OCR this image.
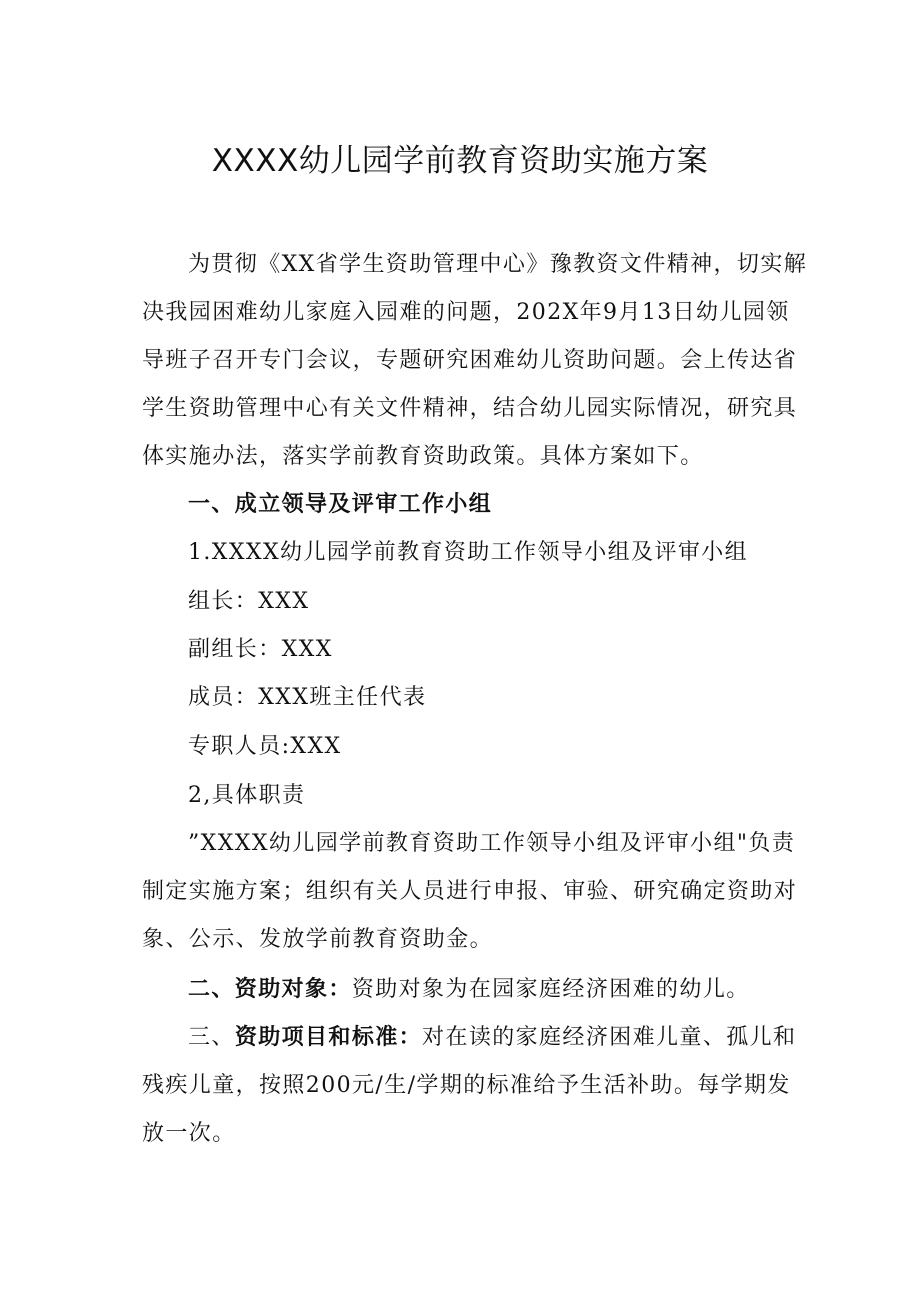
XXXX幼儿园学前教育资助实施方案
为贯彻《XX省学生资助管理中心》豫教资文件精神，切实解
决我园困难幼儿家庭入园难的问题，202X年9月13日幼儿园领
导班子召开专门会议，专题研究困难幼儿资助问题。会上传达省
学生资助管理中心有关文件精神，结合幼儿园实际情况，研究具
体实施办法，落实学前教育资助政策。具体方案如下。
一、成立领导及评审工作小组
1.XXXX幼儿园学前教育资助工作领导小组及评审小组
组长：XXX
副组长：XXX
成员：XXX班主任代表
专职人员:XXX
2,具体职责
”XXXX幼儿园学前教育资助工作领导小组及评审小组"负责
制定实施方案；组织有关人员进行申报、审验、研究确定资助对
象、公示、发放学前教育资助金。
二、资助对象：资助对象为在园家庭经济困难的幼儿。
三、资助项目和标准：对在读的家庭经济困难儿童、孤儿和
残疾儿童，按照200元/生/学期的标准给予生活补助。每学期发
放一次。
